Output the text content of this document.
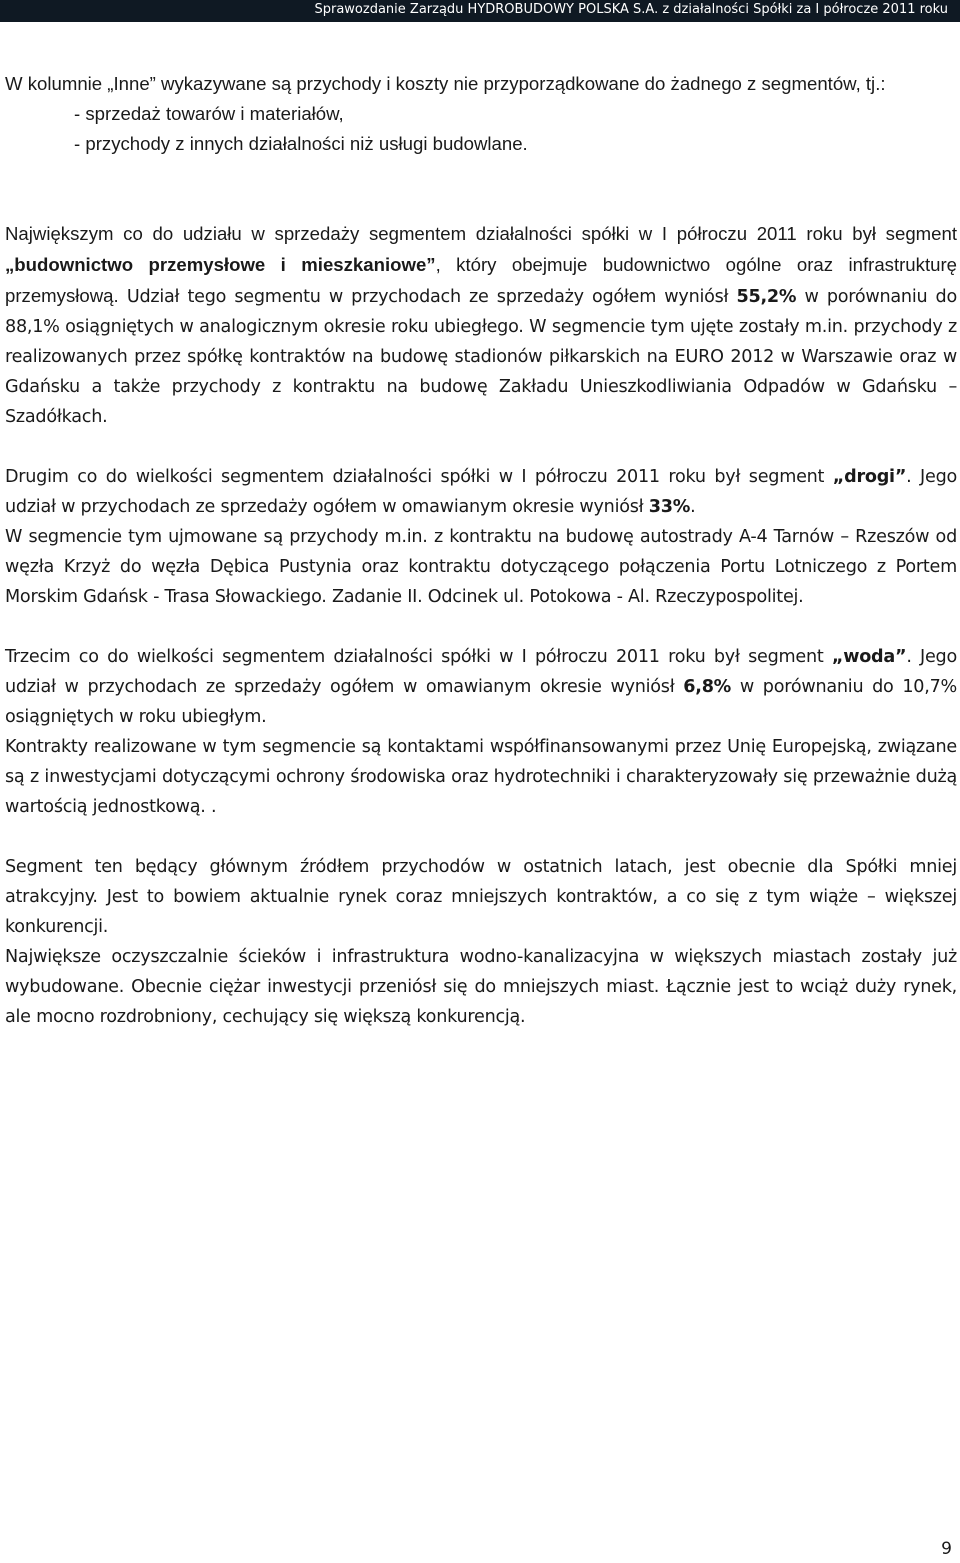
Sprawozdanie Zarządu HYDROBUDOWY POLSKA S.A. z działalności Spółki za I półrocze 2011 roku

W kolumnie „Inne” wykazywane są przychody i koszty nie przyporządkowane do żadnego z segmentów, tj.:
- sprzedaż towarów i materiałów,
- przychody z innych działalności niż usługi budowlane.

Największym co do udziału w sprzedaży segmentem działalności spółki w I półroczu 2011 roku był segment „budownictwo przemysłowe i mieszkaniowe”, który obejmuje budownictwo ogólne oraz infrastrukturę przemysłową. Udział tego segmentu w przychodach ze sprzedaży ogółem wyniósł 55,2% w porównaniu do 88,1% osiągniętych w analogicznym okresie roku ubiegłego. W segmencie tym ujęte zostały m.in. przychody z realizowanych przez spółkę kontraktów na budowę stadionów piłkarskich na EURO 2012 w Warszawie oraz w Gdańsku a także przychody z kontraktu na budowę Zakładu Unieszkodliwiania Odpadów w Gdańsku – Szadółkach.

Drugim co do wielkości segmentem działalności spółki w I półroczu 2011 roku był segment „drogi”. Jego udział w przychodach ze sprzedaży ogółem w omawianym okresie wyniósł 33%.

W segmencie tym ujmowane są przychody m.in. z kontraktu na budowę autostrady A-4 Tarnów – Rzeszów od węzła Krzyż do węzła Dębica Pustynia oraz kontraktu dotyczącego połączenia Portu Lotniczego z Portem Morskim Gdańsk - Trasa Słowackiego. Zadanie II. Odcinek ul. Potokowa - Al. Rzeczypospolitej.

Trzecim co do wielkości segmentem działalności spółki w I półroczu 2011 roku był segment „woda”. Jego udział w przychodach ze sprzedaży ogółem w omawianym okresie wyniósł 6,8% w porównaniu do 10,7% osiągniętych w roku ubiegłym.

Kontrakty realizowane w tym segmencie są kontaktami współfinansowanymi przez Unię Europejską, związane są z inwestycjami dotyczącymi ochrony środowiska oraz hydrotechniki i charakteryzowały się przeważnie dużą wartością jednostkową. .

Segment ten będący głównym źródłem przychodów w ostatnich latach, jest obecnie dla Spółki mniej atrakcyjny. Jest to bowiem aktualnie rynek coraz mniejszych kontraktów, a co się z tym wiąże – większej konkurencji.

Największe oczyszczalnie ścieków i infrastruktura wodno-kanalizacyjna w większych miastach zostały już wybudowane. Obecnie ciężar inwestycji przeniósł się do mniejszych miast. Łącznie jest to wciąż duży rynek, ale mocno rozdrobniony, cechujący się większą konkurencją.

9
